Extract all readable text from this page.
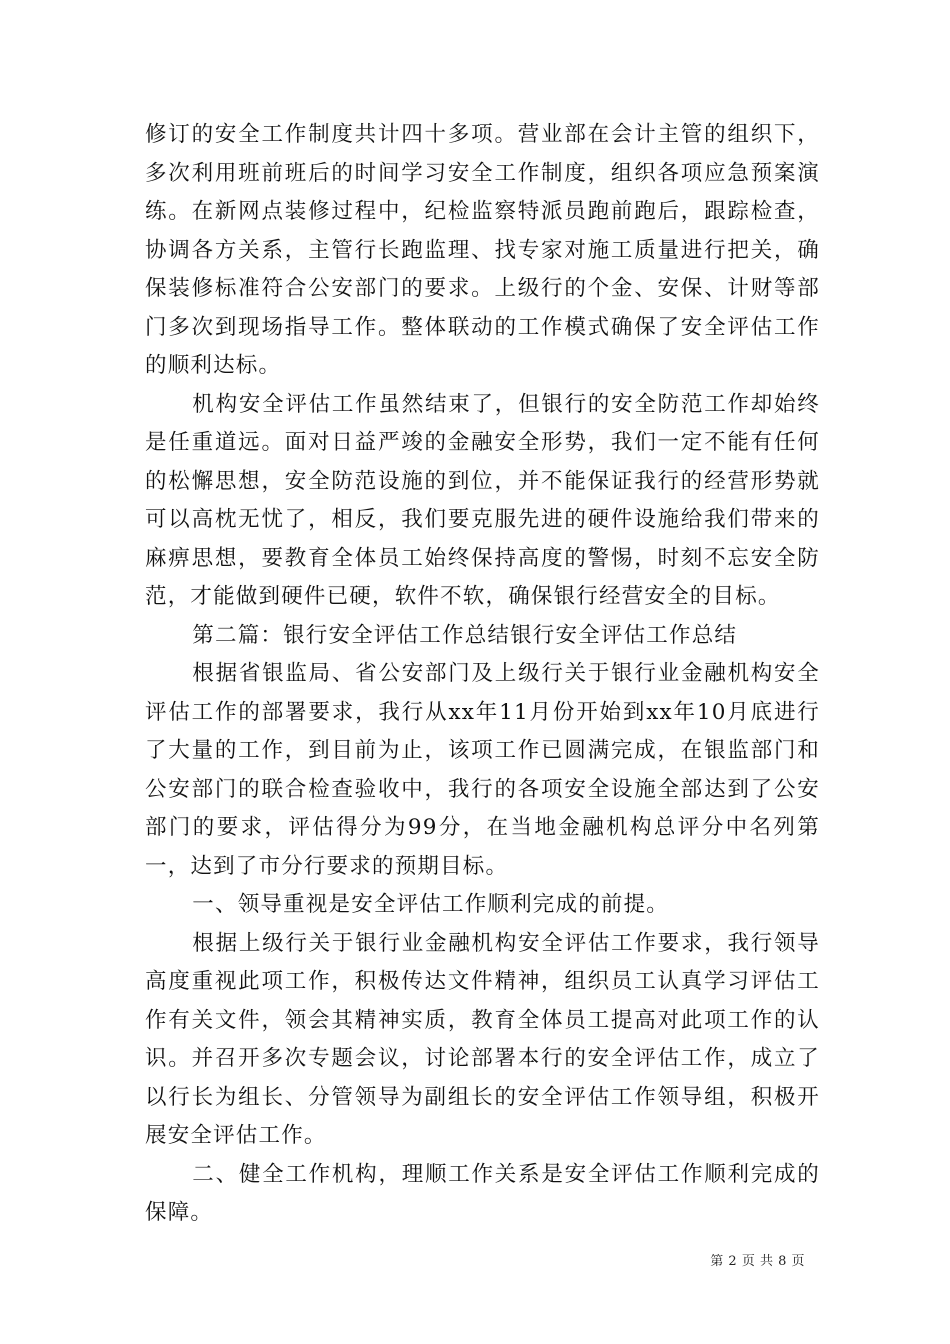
修订的安全工作制度共计四十多项。营业部在会计主管的组织下，多次利用班前班后的时间学习安全工作制度，组织各项应急预案演练。在新网点装修过程中，纪检监察特派员跑前跑后，跟踪检查，协调各方关系，主管行长跑监理、找专家对施工质量进行把关，确保装修标准符合公安部门的要求。上级行的个金、安保、计财等部门多次到现场指导工作。整体联动的工作模式确保了安全评估工作的顺利达标。

机构安全评估工作虽然结束了，但银行的安全防范工作却始终是任重道远。面对日益严竣的金融安全形势，我们一定不能有任何的松懈思想，安全防范设施的到位，并不能保证我行的经营形势就可以高枕无忧了，相反，我们要克服先进的硬件设施给我们带来的麻痹思想，要教育全体员工始终保持高度的警惕，时刻不忘安全防范，才能做到硬件已硬，软件不软，确保银行经营安全的目标。

第二篇：银行安全评估工作总结银行安全评估工作总结

根据省银监局、省公安部门及上级行关于银行业金融机构安全评估工作的部署要求，我行从xx年11月份开始到xx年10月底进行了大量的工作，到目前为止，该项工作已圆满完成，在银监部门和公安部门的联合检查验收中，我行的各项安全设施全部达到了公安部门的要求，评估得分为99分，在当地金融机构总评分中名列第一，达到了市分行要求的预期目标。

一、领导重视是安全评估工作顺利完成的前提。

根据上级行关于银行业金融机构安全评估工作要求，我行领导高度重视此项工作，积极传达文件精神，组织员工认真学习评估工作有关文件，领会其精神实质，教育全体员工提高对此项工作的认识。并召开多次专题会议，讨论部署本行的安全评估工作，成立了以行长为组长、分管领导为副组长的安全评估工作领导组，积极开展安全评估工作。

二、健全工作机构，理顺工作关系是安全评估工作顺利完成的保障。

第 2 页 共 8 页
